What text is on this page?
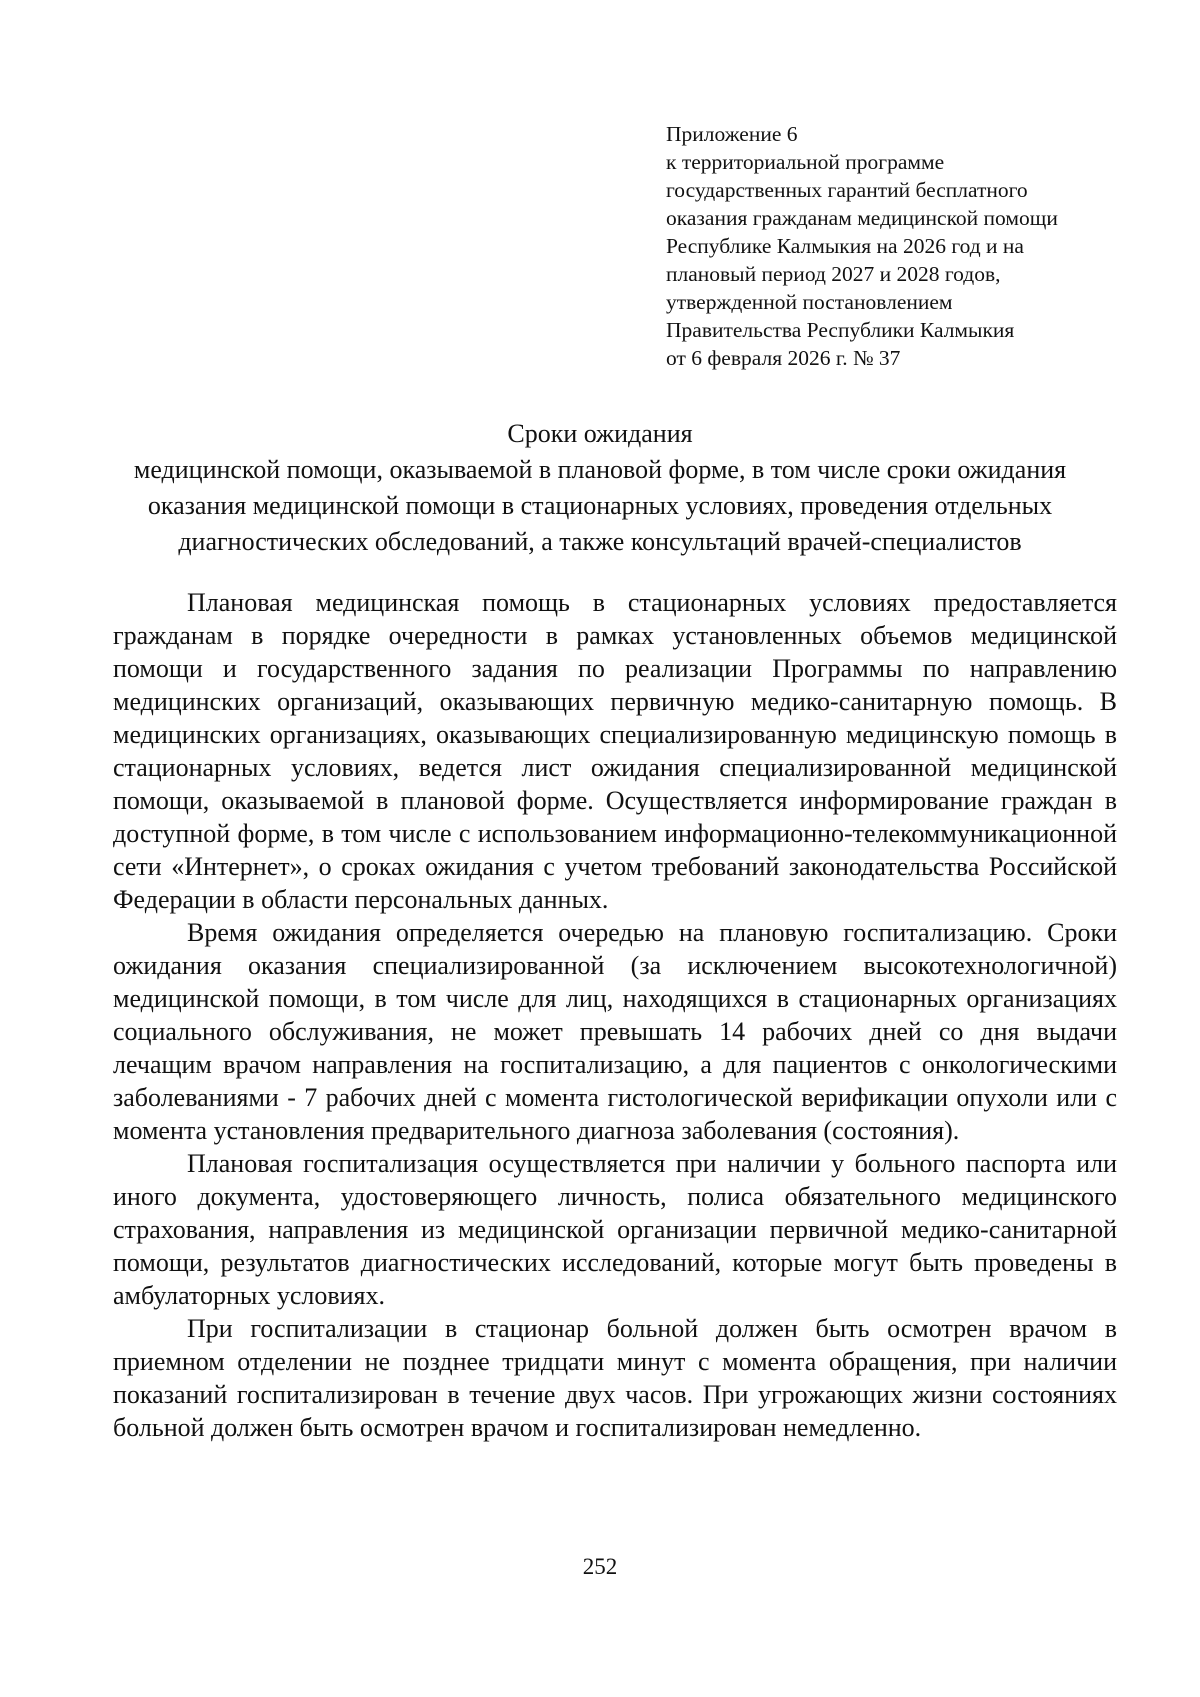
Приложение 6
к территориальной программе
государственных гарантий бесплатного
оказания гражданам медицинской помощи
Республике Калмыкия на 2026 год и на
плановый период 2027 и 2028 годов,
утвержденной постановлением
Правительства Республики Калмыкия
от 6 февраля 2026 г. № 37
Сроки ожидания
медицинской помощи, оказываемой в плановой форме, в том числе сроки ожидания
оказания медицинской помощи в стационарных условиях, проведения отдельных
диагностических обследований, а также консультаций врачей-специалистов

Плановая медицинская помощь в стационарных условиях предоставляется гражданам в порядке очередности в рамках установленных объемов медицинской помощи и государственного задания по реализации Программы по направлению медицинских организаций, оказывающих первичную медико-санитарную помощь. В медицинских организациях, оказывающих специализированную медицинскую помощь в стационарных условиях, ведется лист ожидания специализированной медицинской помощи, оказываемой в плановой форме. Осуществляется информирование граждан в доступной форме, в том числе с использованием информационно-телекоммуникационной сети «Интернет», о сроках ожидания с учетом требований законодательства Российской Федерации в области персональных данных.

Время ожидания определяется очередью на плановую госпитализацию. Сроки ожидания оказания специализированной (за исключением высокотехнологичной) медицинской помощи, в том числе для лиц, находящихся в стационарных организациях социального обслуживания, не может превышать 14 рабочих дней со дня выдачи лечащим врачом направления на госпитализацию, а для пациентов с онкологическими заболеваниями - 7 рабочих дней с момента гистологической верификации опухоли или с момента установления предварительного диагноза заболевания (состояния).

Плановая госпитализация осуществляется при наличии у больного паспорта или иного документа, удостоверяющего личность, полиса обязательного медицинского страхования, направления из медицинской организации первичной медико-санитарной помощи, результатов диагностических исследований, которые могут быть проведены в амбулаторных условиях.

При госпитализации в стационар больной должен быть осмотрен врачом в приемном отделении не позднее тридцати минут с момента обращения, при наличии показаний госпитализирован в течение двух часов. При угрожающих жизни состояниях больной должен быть осмотрен врачом и госпитализирован немедленно.

252
